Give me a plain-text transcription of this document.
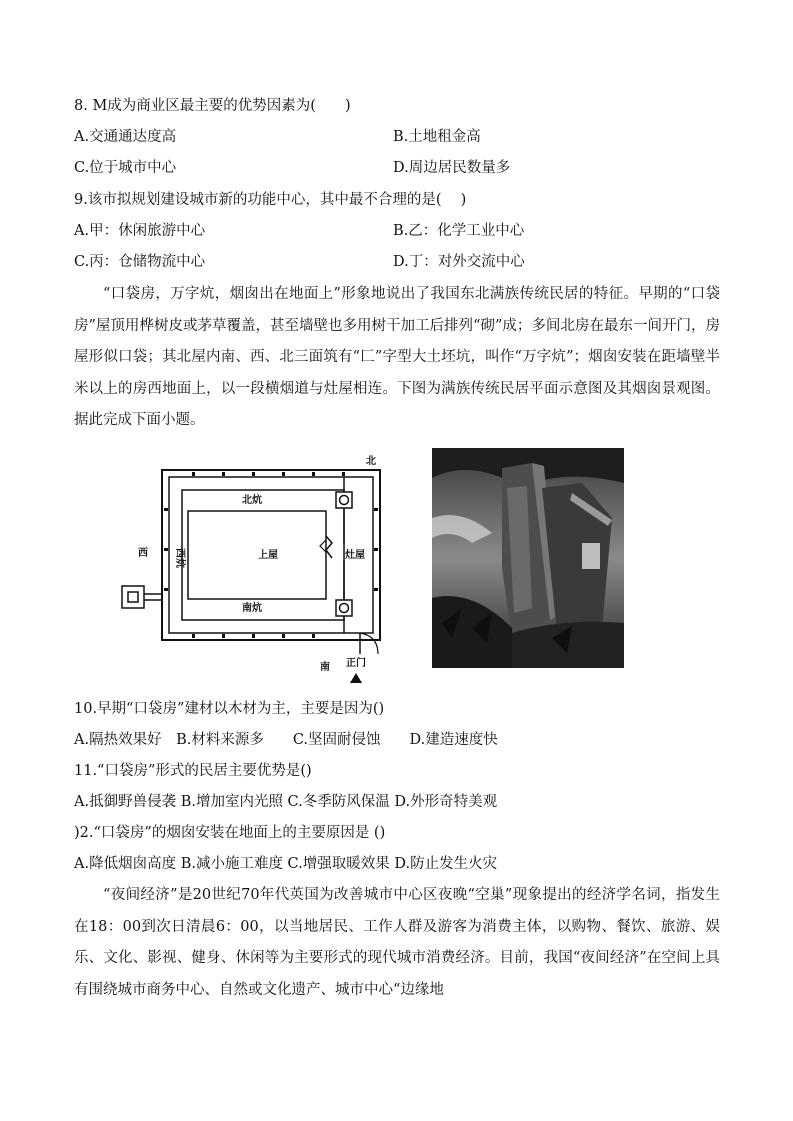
8. M成为商业区最主要的优势因素为(　　)
A.交通通达度高	B.土地租金高
C.位于城市中心	D.周边居民数量多
9.该市拟规划建设城市新的功能中心，其中最不合理的是(　 )
A.甲：休闲旅游中心	B.乙：化学工业中心
C.丙：仓储物流中心	D.丁：对外交流中心
“口袋房，万字炕，烟囱出在地面上”形象地说出了我国东北满族传统民居的特征。早期的“口袋房”屋顶用桦树皮或茅草覆盖，甚至墙壁也多用树干加工后排列“砌”成；多间北房在最东一间开门，房屋形似口袋；其北屋内南、西、北三面筑有“匚”字型大土坯坑，叫作“万字炕”；烟囱安装在距墙壁半米以上的房西地面上，以一段横烟道与灶屋相连。下图为满族传统民居平面示意图及其烟囱景观图。据此完成下面小题。
北
北炕
西	上屋	灶屋
南炕
南 正门
西炕
10.早期“口袋房”建材以木材为主，主要是因为()
A.隔热效果好　B.材料来源多　　C.坚固耐侵蚀　　D.建造速度快
11.“口袋房”形式的民居主要优势是()
A.抵御野兽侵袭 B.增加室内光照 C.冬季防风保温 D.外形奇特美观
)2.“口袋房”的烟囱安装在地面上的主要原因是 ()
A.降低烟囱高度 B.减小施工难度 C.增强取暖效果 D.防止发生火灾
“夜间经济”是20世纪70年代英国为改善城市中心区夜晚“空巢”现象提出的经济学名词，指发生在18：00到次日清晨6：00，以当地居民、工作人群及游客为消费主体，以购物、餐饮、旅游、娱乐、文化、影视、健身、休闲等为主要形式的现代城市消费经济。目前，我国“夜间经济”在空间上具有围绕城市商务中心、自然或文化遗产、城市中心“边缘地
